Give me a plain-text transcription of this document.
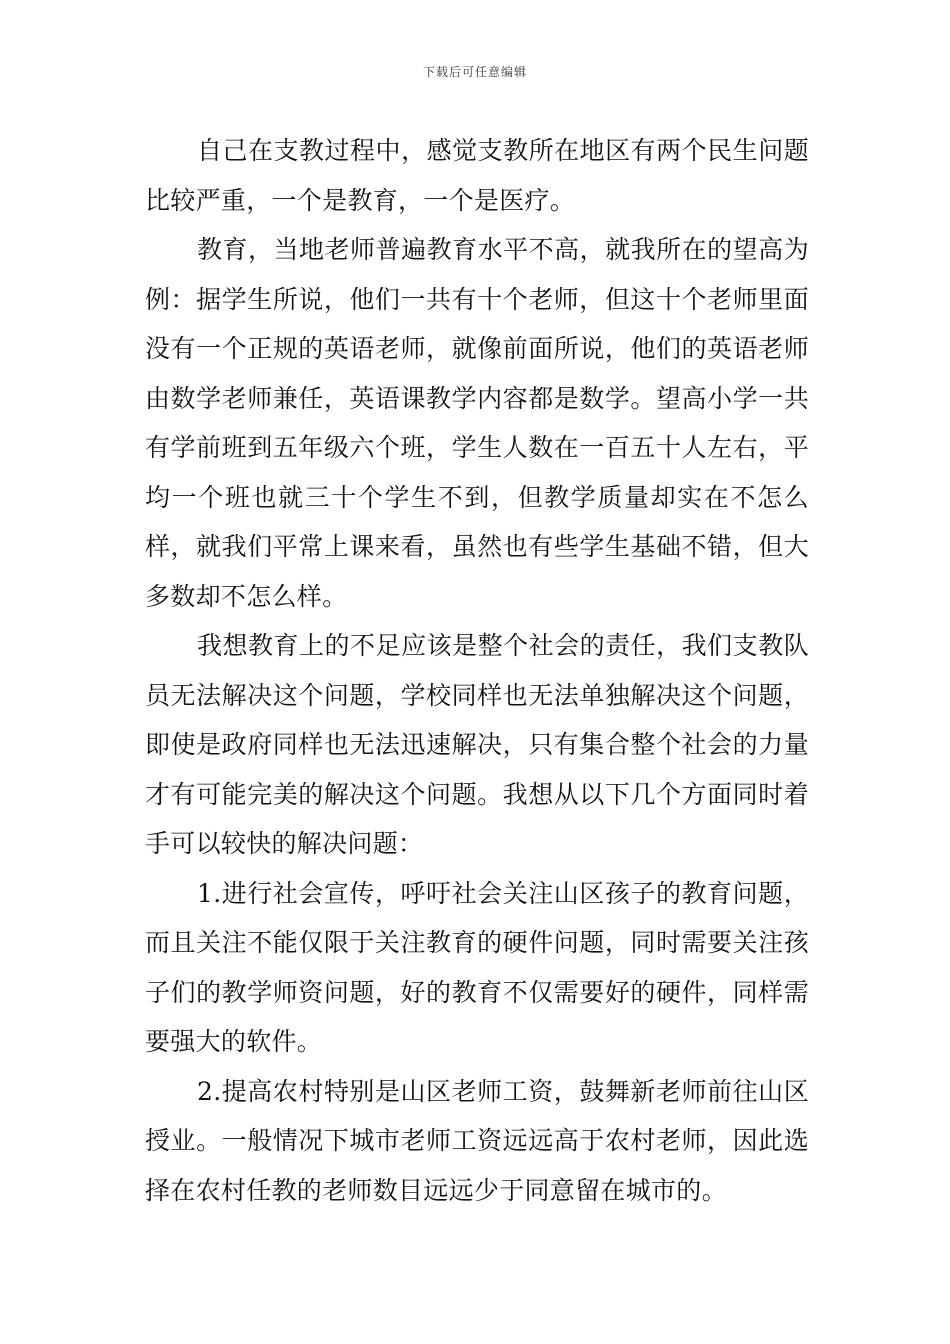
下载后可任意编辑

自己在支教过程中，感觉支教所在地区有两个民生问题比较严重，一个是教育，一个是医疗。

教育，当地老师普遍教育水平不高，就我所在的望高为例：据学生所说，他们一共有十个老师，但这十个老师里面没有一个正规的英语老师，就像前面所说，他们的英语老师由数学老师兼任，英语课教学内容都是数学。望高小学一共有学前班到五年级六个班，学生人数在一百五十人左右，平均一个班也就三十个学生不到，但教学质量却实在不怎么样，就我们平常上课来看，虽然也有些学生基础不错，但大多数却不怎么样。

我想教育上的不足应该是整个社会的责任，我们支教队员无法解决这个问题，学校同样也无法单独解决这个问题，即使是政府同样也无法迅速解决，只有集合整个社会的力量才有可能完美的解决这个问题。我想从以下几个方面同时着手可以较快的解决问题：

1.进行社会宣传，呼吁社会关注山区孩子的教育问题，而且关注不能仅限于关注教育的硬件问题，同时需要关注孩子们的教学师资问题，好的教育不仅需要好的硬件，同样需要强大的软件。

2.提高农村特别是山区老师工资，鼓舞新老师前往山区授业。一般情况下城市老师工资远远高于农村老师，因此选择在农村任教的老师数目远远少于同意留在城市的。
